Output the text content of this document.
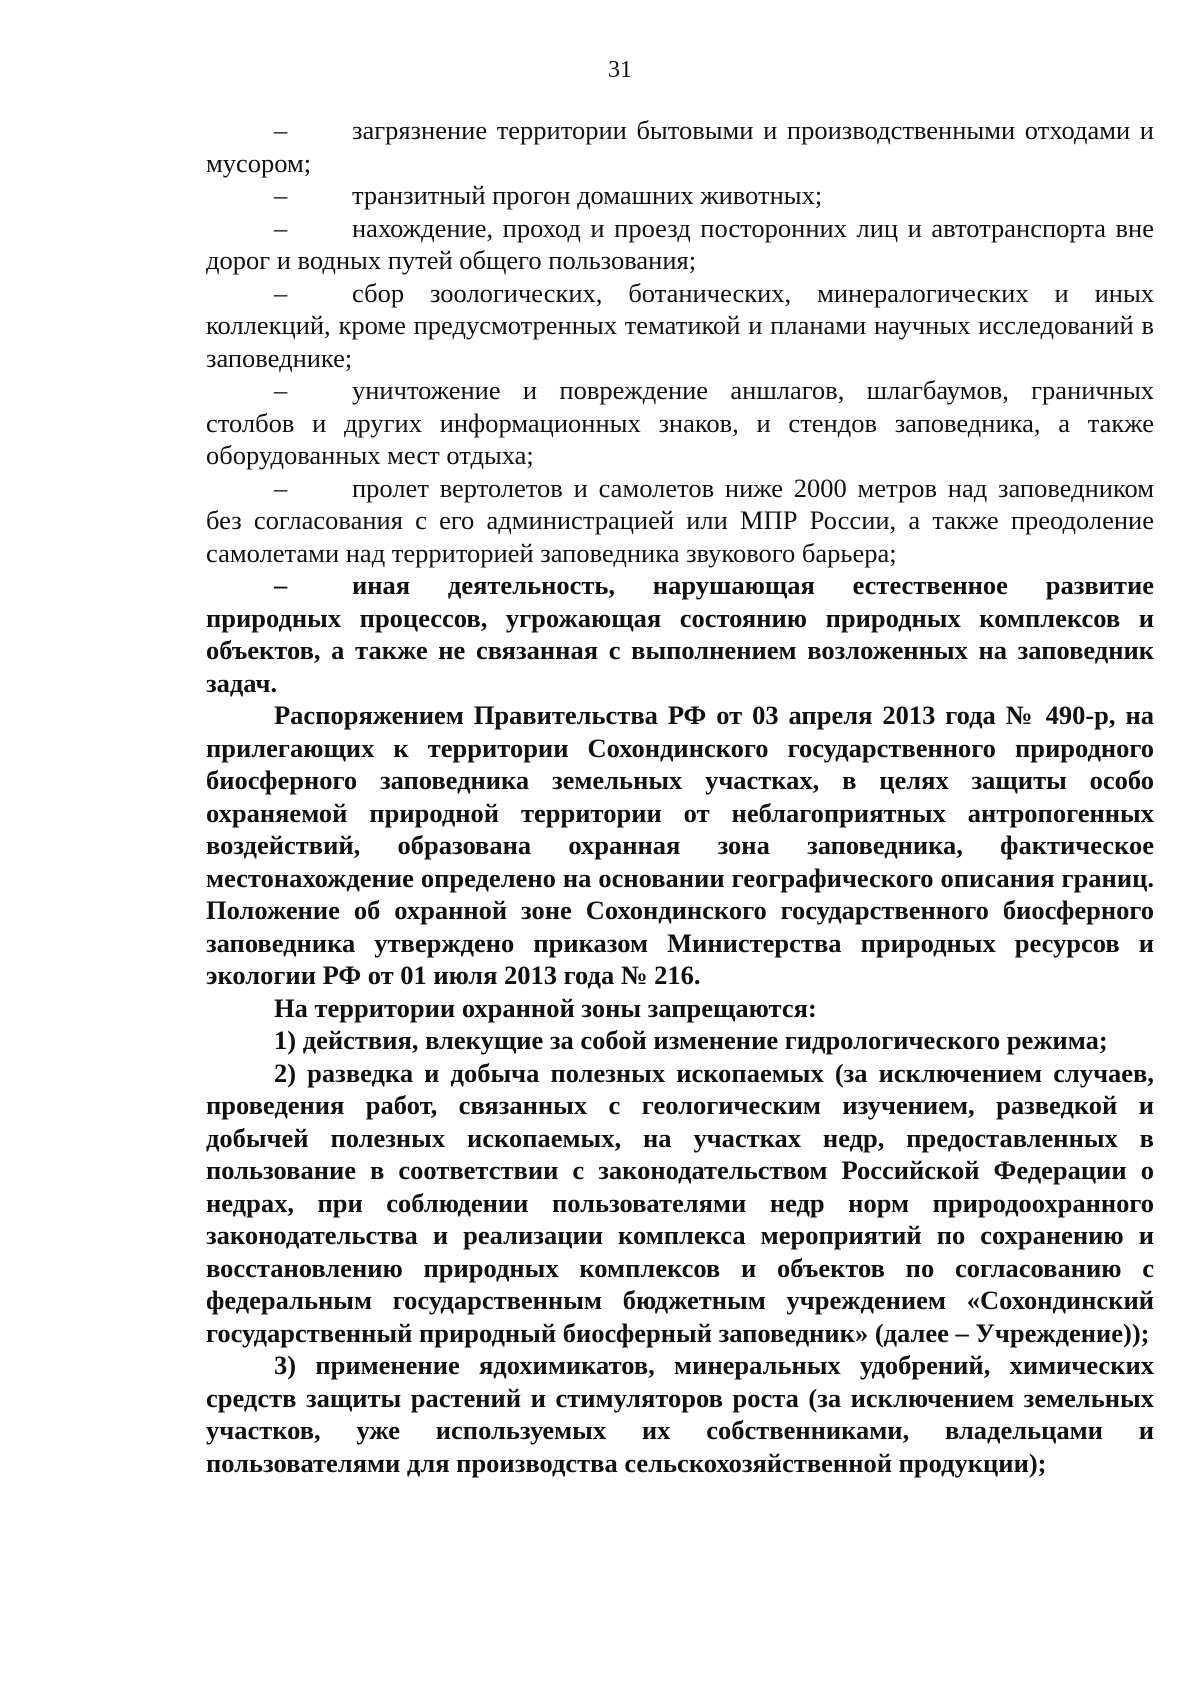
31

– загрязнение территории бытовыми и производственными отходами и мусором;

– транзитный прогон домашних животных;

– нахождение, проход и проезд посторонних лиц и автотранспорта вне дорог и водных путей общего пользования;

– сбор зоологических, ботанических, минералогических и иных коллекций, кроме предусмотренных тематикой и планами научных исследований в заповеднике;

– уничтожение и повреждение аншлагов, шлагбаумов, граничных столбов и других информационных знаков, и стендов заповедника, а также оборудованных мест отдыха;

– пролет вертолетов и самолетов ниже 2000 метров над заповедником без согласования с его администрацией или МПР России, а также преодоление самолетами над территорией заповедника звукового барьера;

– иная деятельность, нарушающая естественное развитие природных процессов, угрожающая состоянию природных комплексов и объектов, а также не связанная с выполнением возложенных на заповедник задач.

Распоряжением Правительства РФ от 03 апреля 2013 года № 490-р, на прилегающих к территории Сохондинского государственного природного биосферного заповедника земельных участках, в целях защиты особо охраняемой природной территории от неблагоприятных антропогенных воздействий, образована охранная зона заповедника, фактическое местонахождение определено на основании географического описания границ. Положение об охранной зоне Сохондинского государственного биосферного заповедника утверждено приказом Министерства природных ресурсов и экологии РФ от 01 июля 2013 года № 216.

На территории охранной зоны запрещаются:

1) действия, влекущие за собой изменение гидрологического режима;

2) разведка и добыча полезных ископаемых (за исключением случаев, проведения работ, связанных с геологическим изучением, разведкой и добычей полезных ископаемых, на участках недр, предоставленных в пользование в соответствии с законодательством Российской Федерации о недрах, при соблюдении пользователями недр норм природоохранного законодательства и реализации комплекса мероприятий по сохранению и восстановлению природных комплексов и объектов по согласованию с федеральным государственным бюджетным учреждением «Сохондинский государственный природный биосферный заповедник» (далее – Учреждение));

3) применение ядохимикатов, минеральных удобрений, химических средств защиты растений и стимуляторов роста (за исключением земельных участков, уже используемых их собственниками, владельцами и пользователями для производства сельскохозяйственной продукции);
